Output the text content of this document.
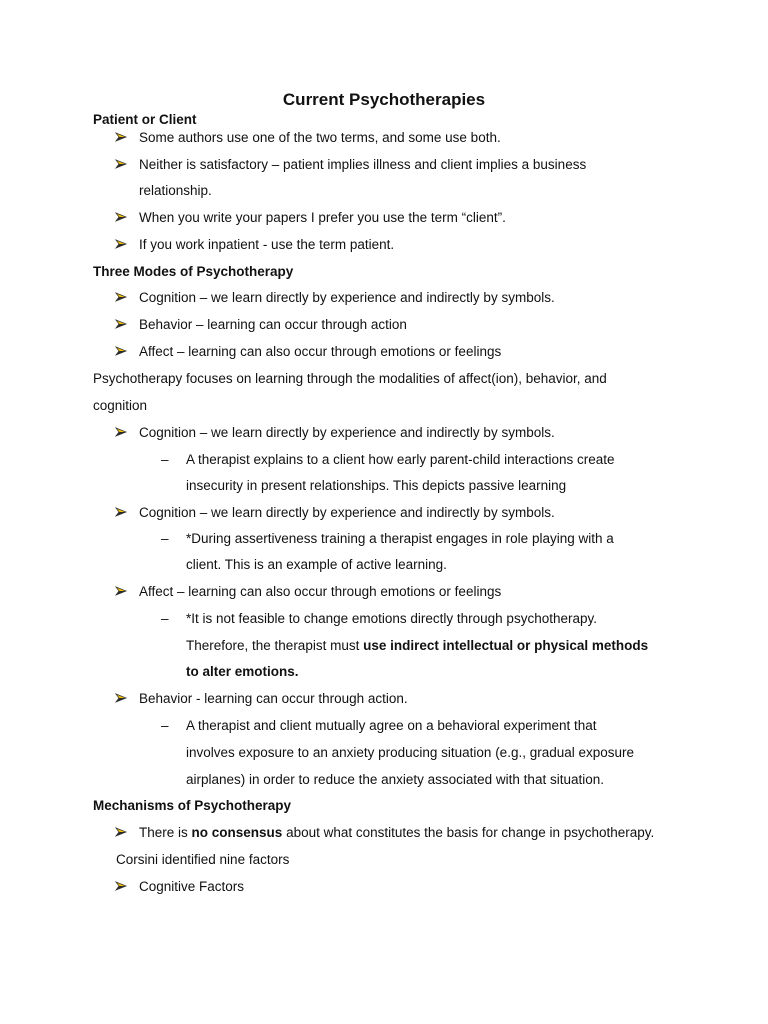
Current Psychotherapies
Patient or Client
Some authors use one of the two terms, and some use both.
Neither is satisfactory – patient implies illness and client implies a business
relationship.
When you write your papers I prefer you use the term “client”.
If you work inpatient - use the term patient.
Three Modes of Psychotherapy
Cognition – we learn directly by experience and indirectly by symbols.
Behavior – learning can occur through action
Affect – learning can also occur through emotions or feelings
Psychotherapy focuses on learning through the modalities of affect(ion), behavior, and
cognition
Cognition – we learn directly by experience and indirectly by symbols.
– A therapist explains to a client how early parent-child interactions create
insecurity in present relationships. This depicts passive learning
Cognition – we learn directly by experience and indirectly by symbols.
– *During assertiveness training a therapist engages in role playing with a
client. This is an example of active learning.
Affect – learning can also occur through emotions or feelings
– *It is not feasible to change emotions directly through psychotherapy.
Therefore, the therapist must use indirect intellectual or physical methods
to alter emotions.
Behavior - learning can occur through action.
– A therapist and client mutually agree on a behavioral experiment that
involves exposure to an anxiety producing situation (e.g., gradual exposure
airplanes) in order to reduce the anxiety associated with that situation.
Mechanisms of Psychotherapy
There is no consensus about what constitutes the basis for change in psychotherapy.
Corsini identified nine factors
Cognitive Factors
